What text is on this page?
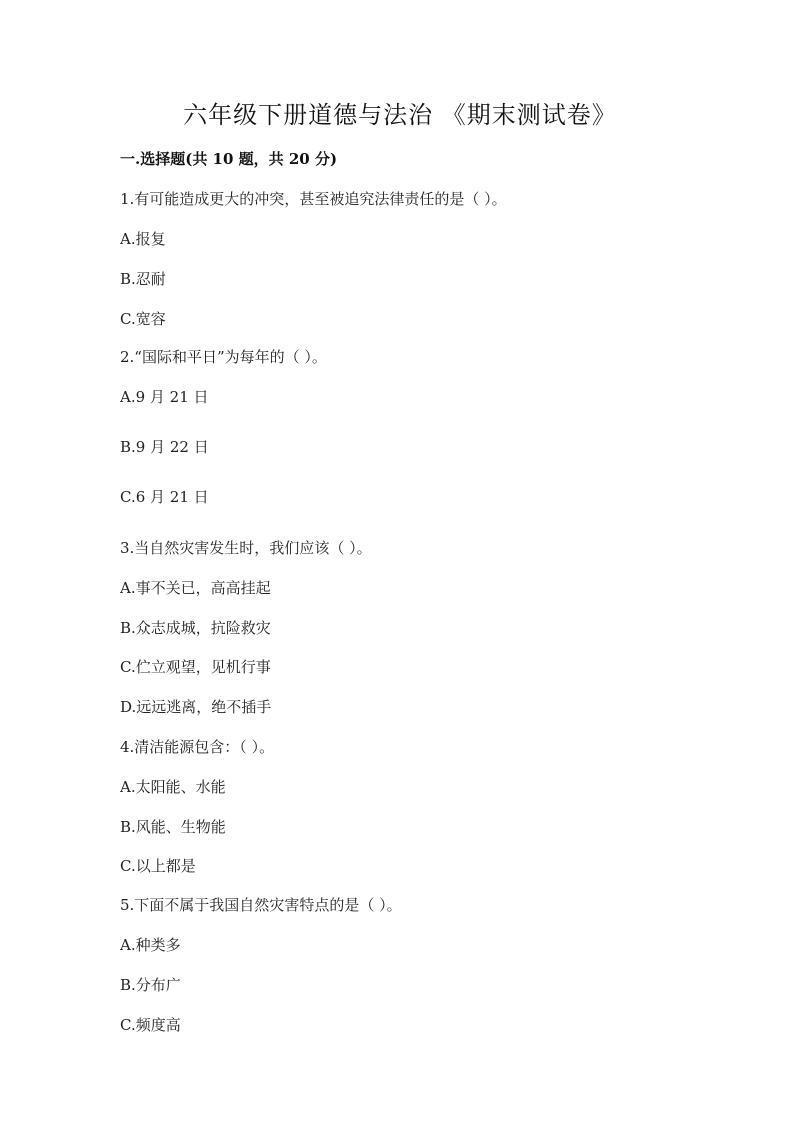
六年级下册道德与法治 《期末测试卷》
一.选择题(共 10 题，共 20 分)
1.有可能造成更大的冲突，甚至被追究法律责任的是（ ）。
A.报复
B.忍耐
C.宽容
2.“国际和平日”为每年的（ ）。
A.9 月 21 日
B.9 月 22 日
C.6 月 21 日
3.当自然灾害发生时，我们应该（ ）。
A.事不关已，高高挂起
B.众志成城，抗险救灾
C.伫立观望，见机行事
D.远远逃离，绝不插手
4.清洁能源包含：（ ）。
A.太阳能、水能
B.风能、生物能
C.以上都是
5.下面不属于我国自然灾害特点的是（ ）。
A.种类多
B.分布广
C.频度高
